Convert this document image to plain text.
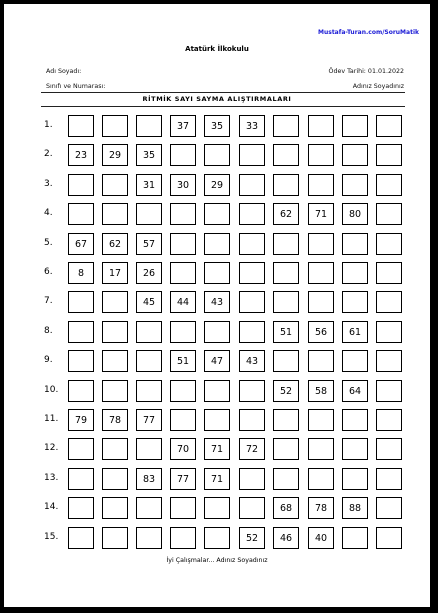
Mustafa-Turan.com/SoruMatik
Atatürk İlkokulu
Adı Soyadı:	Ödev Tarihi: 01.01.2022
Sınıfı ve Numarası:	Adınız Soyadınız
RİTMİK SAYI SAYMA ALIŞTIRMALARI
1.	37	35	33
2.	23	29	35
3.	31	30	29
4.	62	71	80
5.	67	62	57
6.	8	17	26
7.	45	44	43
8.	51	56	61
9.	51	47	43
10.	52	58	64
11.	79	78	77
12.	70	71	72
13.	83	77	71
14.	68	78	88
15.	52	46	40
İyi Çalışmalar... Adınız Soyadınız
